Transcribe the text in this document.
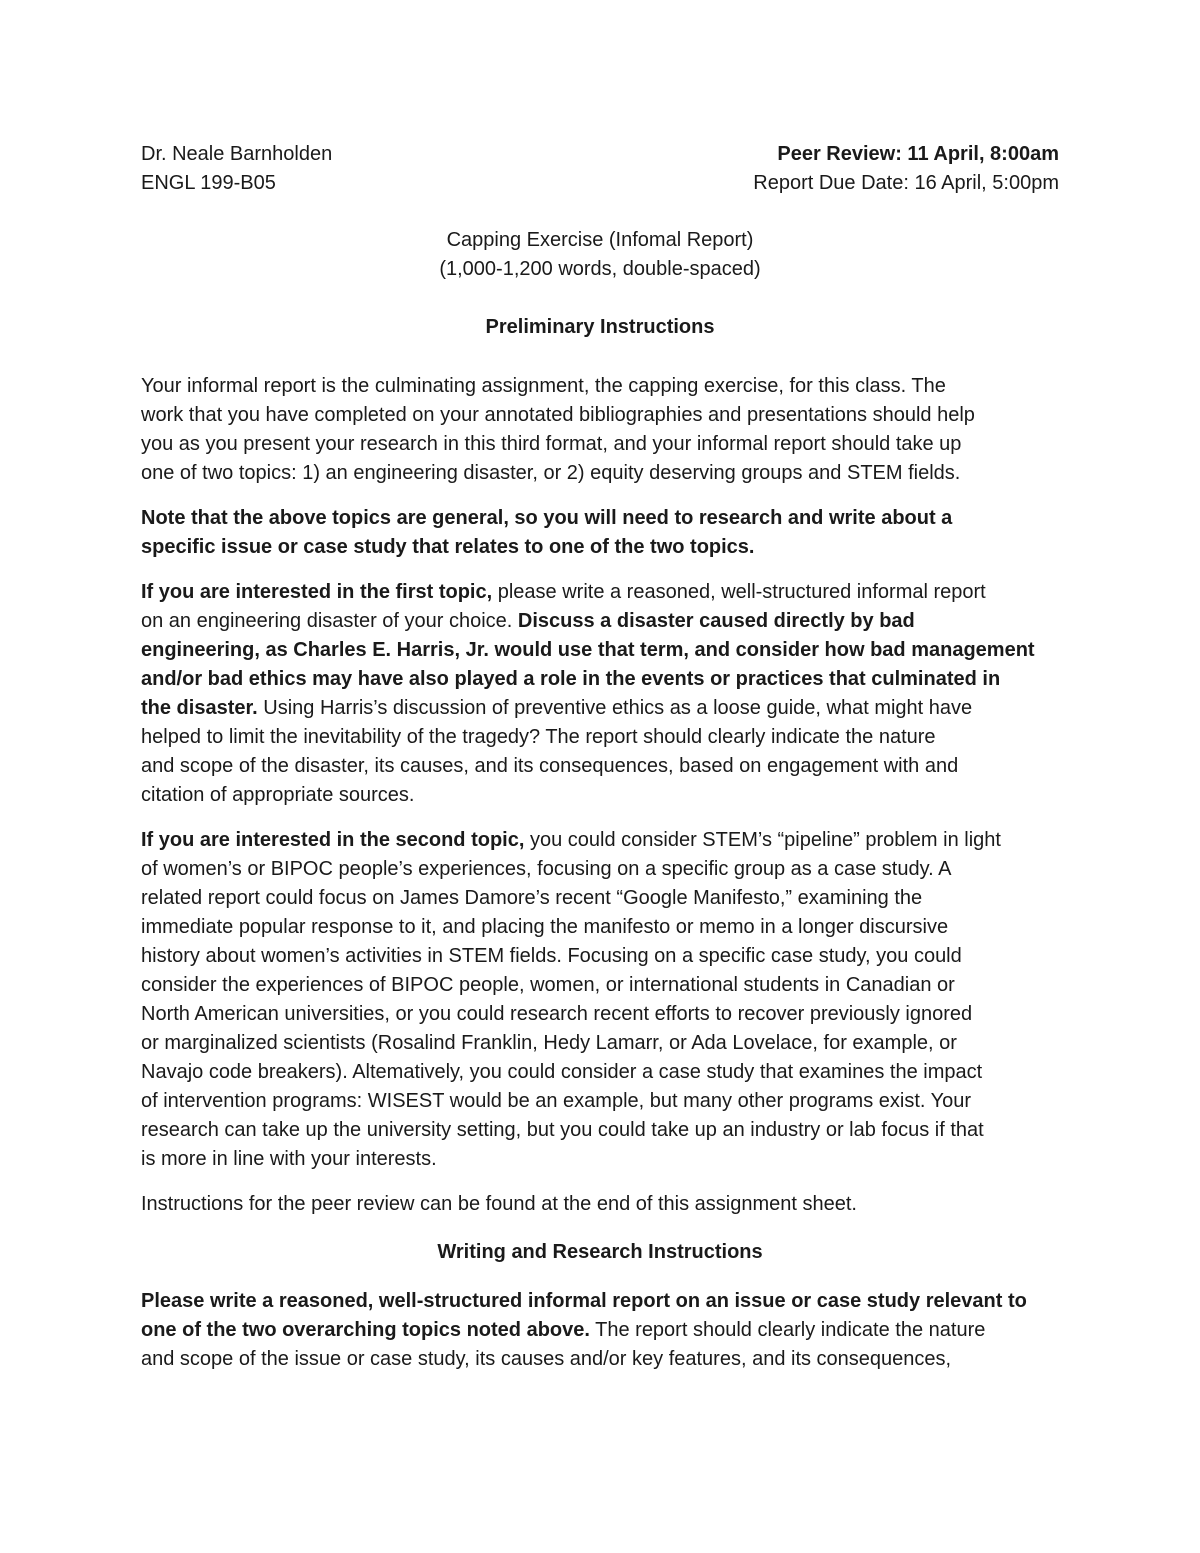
Dr. Neale Barnholden
ENGL 199-B05
Peer Review: 11 April, 8:00am
Report Due Date: 16 April, 5:00pm
Capping Exercise (Infomal Report)
(1,000-1,200 words, double-spaced)
Preliminary Instructions
Your informal report is the culminating assignment, the capping exercise, for this class. The
work that you have completed on your annotated bibliographies and presentations should help
you as you present your research in this third format, and your informal report should take up
one of two topics: 1) an engineering disaster, or 2) equity deserving groups and STEM fields.
Note that the above topics are general, so you will need to research and write about a
specific issue or case study that relates to one of the two topics.
If you are interested in the first topic, please write a reasoned, well-structured informal report
on an engineering disaster of your choice. Discuss a disaster caused directly by bad
engineering, as Charles E. Harris, Jr. would use that term, and consider how bad management
and/or bad ethics may have also played a role in the events or practices that culminated in
the disaster. Using Harris’s discussion of preventive ethics as a loose guide, what might have
helped to limit the inevitability of the tragedy? The report should clearly indicate the nature
and scope of the disaster, its causes, and its consequences, based on engagement with and
citation of appropriate sources.
If you are interested in the second topic, you could consider STEM’s “pipeline” problem in light
of women’s or BIPOC people’s experiences, focusing on a specific group as a case study. A
related report could focus on James Damore’s recent “Google Manifesto,” examining the
immediate popular response to it, and placing the manifesto or memo in a longer discursive
history about women’s activities in STEM fields. Focusing on a specific case study, you could
consider the experiences of BIPOC people, women, or international students in Canadian or
North American universities, or you could research recent efforts to recover previously ignored
or marginalized scientists (Rosalind Franklin, Hedy Lamarr, or Ada Lovelace, for example, or
Navajo code breakers). Altematively, you could consider a case study that examines the impact
of intervention programs: WISEST would be an example, but many other programs exist. Your
research can take up the university setting, but you could take up an industry or lab focus if that
is more in line with your interests.
Instructions for the peer review can be found at the end of this assignment sheet.
Writing and Research Instructions
Please write a reasoned, well-structured informal report on an issue or case study relevant to
one of the two overarching topics noted above. The report should clearly indicate the nature
and scope of the issue or case study, its causes and/or key features, and its consequences,
